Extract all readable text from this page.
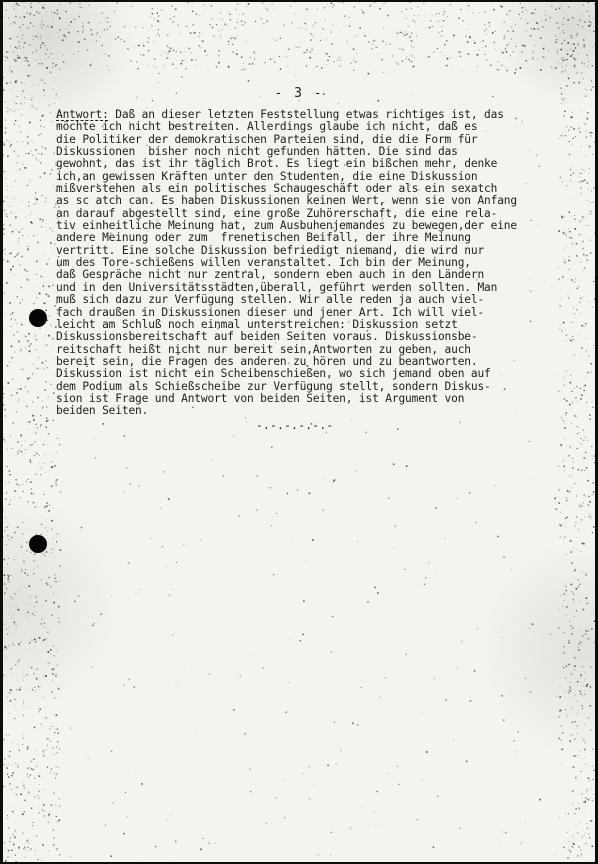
- 3 -
Antwort: Daß an dieser letzten Feststellung etwas richtiges ist, das
möchte ich nicht bestreiten. Allerdings glaube ich nicht, daß es
die Politiker der demokratischen Parteien sind, die die Form für
Diskussionen  bisher noch nicht gefunden hätten. Die sind das
gewohnt, das ist ihr täglich Brot. Es liegt ein bißchen mehr, denke
ich,an gewissen Kräften unter den Studenten, die eine Diskussion
mißverstehen als ein politisches Schaugeschäft oder als ein sexatch
as sc atch can. Es haben Diskussionen keinen Wert, wenn sie von Anfang
an darauf abgestellt sind, eine große Zuhörerschaft, die eine rela-
tiv einheitliche Meinung hat, zum Ausbuhenjemandes zu bewegen,der eine
andere Meinung oder zum  frenetischen Beifall, der ihre Meinung
vertritt. Eine solche Diskussion befriedigt niemand, die wird nur
um des Tore-schießens willen veranstaltet. Ich bin der Meinung,
daß Gespräche nicht nur zentral, sondern eben auch in den Ländern
und in den Universitätsstädten,überall, geführt werden sollten. Man
muß sich dazu zur Verfügung stellen. Wir alle reden ja auch viel-
fach draußen in Diskussionen dieser und jener Art. Ich will viel-
leicht am Schluß noch einmal unterstreichen: Diskussion setzt
Diskussionsbereitschaft auf beiden Seiten voraus. Diskussionsbe-
reitschaft heißt nicht nur bereit sein,Antworten zu geben, auch
bereit sein, die Fragen des anderen zu hören und zu beantworten.
Diskussion ist nicht ein Scheibenschießen, wo sich jemand oben auf
dem Podium als Schießscheibe zur Verfügung stellt, sondern Diskus-
sion ist Frage und Antwort von beiden Seiten, ist Argument von
beiden Seiten.
-.-.-.-.-.-
